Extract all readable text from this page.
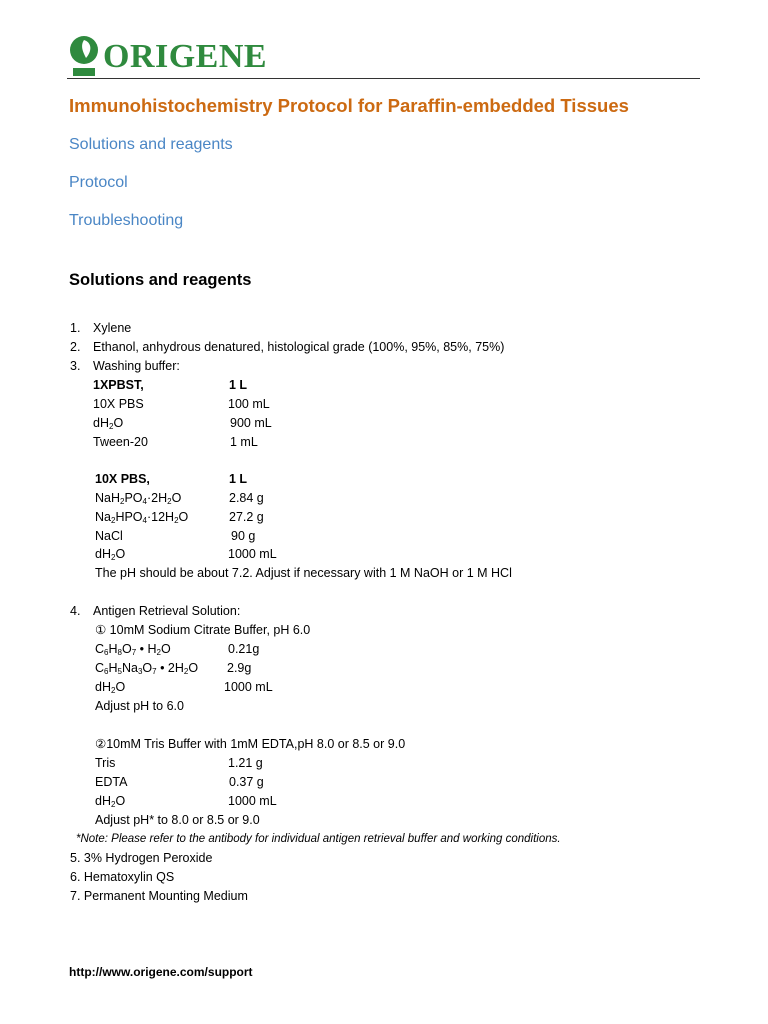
ORIGENE
Immunohistochemistry Protocol for Paraffin-embedded Tissues
Solutions and reagents
Protocol
Troubleshooting
Solutions and reagents
1. Xylene
2. Ethanol, anhydrous denatured, histological grade (100%, 95%, 85%, 75%)
3. Washing buffer:
1XPBST,	1 L
10X PBS	100 mL
$dH_2O$	900 mL
Tween-20	1 mL
10X PBS,	1 L
$NaH_2PO_4\cdot 2H_2O$	2.84 g
$Na_2HPO_4\cdot 12H_2O$	27.2 g
NaCl	90 g
$dH_2O$	1000 mL
The pH should be about 7.2. Adjust if necessary with 1 M NaOH or 1 M HCl
4. Antigen Retrieval Solution:
① 10mM Sodium Citrate Buffer, pH 6.0
$C_6H_8O_7$ • $H_2O$	0.21g
$C_6H_5Na_3O_7$ • $2H_2O$ 2.9g
$dH_2O$	1000 mL
Adjust pH to 6.0
②10mM Tris Buffer with 1mM EDTA,pH 8.0 or 8.5 or 9.0
Tris	1.21 g
EDTA	0.37 g
$dH_2O$	1000 mL
Adjust pH* to 8.0 or 8.5 or 9.0
*Note: Please refer to the antibody for individual antigen retrieval buffer and working conditions.
5. 3% Hydrogen Peroxide
6. Hematoxylin QS
7. Permanent Mounting Medium
http://www.origene.com/support
